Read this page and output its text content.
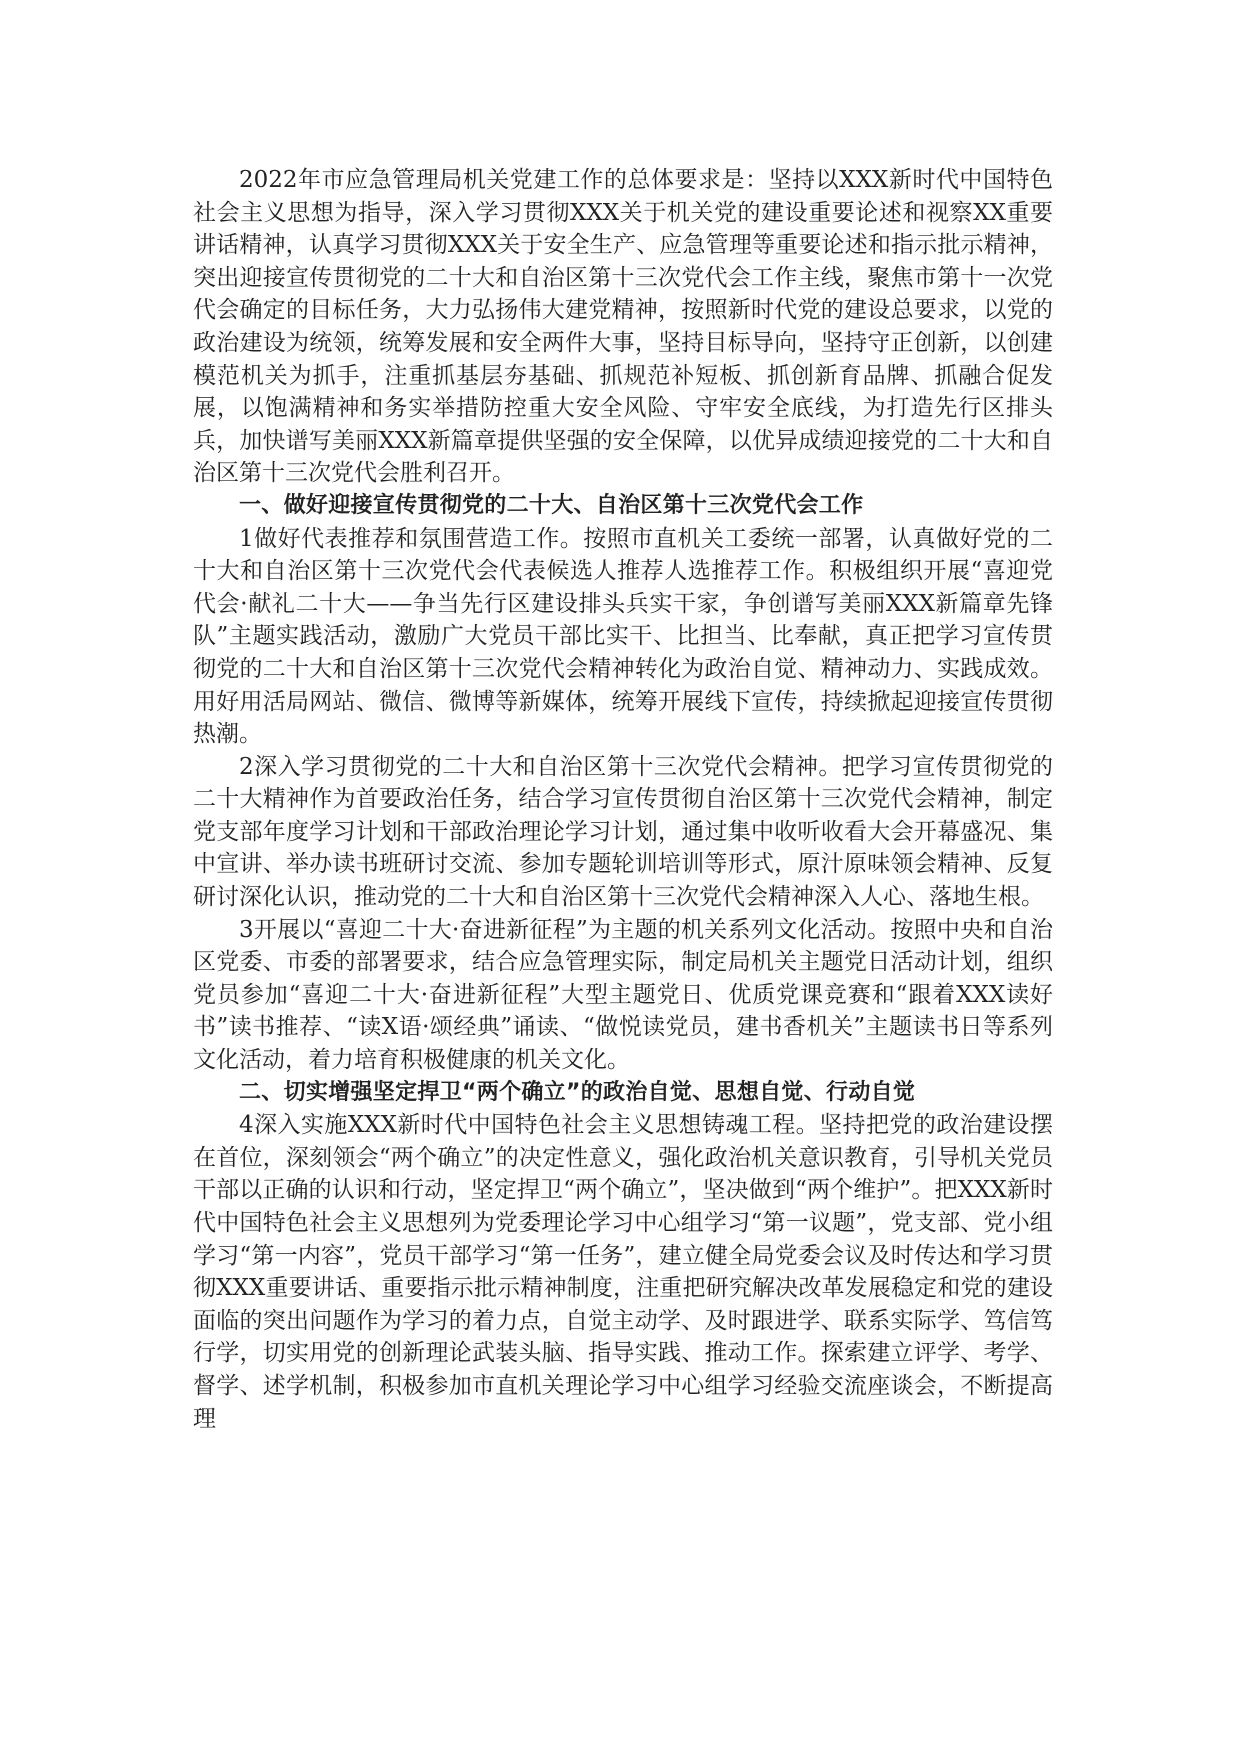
2022年市应急管理局机关党建工作的总体要求是：坚持以XXX新时代中国特色社会主义思想为指导，深入学习贯彻XXX关于机关党的建设重要论述和视察XX重要讲话精神，认真学习贯彻XXX关于安全生产、应急管理等重要论述和指示批示精神，突出迎接宣传贯彻党的二十大和自治区第十三次党代会工作主线，聚焦市第十一次党代会确定的目标任务，大力弘扬伟大建党精神，按照新时代党的建设总要求，以党的政治建设为统领，统筹发展和安全两件大事，坚持目标导向，坚持守正创新，以创建模范机关为抓手，注重抓基层夯基础、抓规范补短板、抓创新育品牌、抓融合促发展，以饱满精神和务实举措防控重大安全风险、守牢安全底线，为打造先行区排头兵，加快谱写美丽XXX新篇章提供坚强的安全保障，以优异成绩迎接党的二十大和自治区第十三次党代会胜利召开。

一、做好迎接宣传贯彻党的二十大、自治区第十三次党代会工作

1做好代表推荐和氛围营造工作。按照市直机关工委统一部署，认真做好党的二十大和自治区第十三次党代会代表候选人推荐人选推荐工作。积极组织开展“喜迎党代会·献礼二十大——争当先行区建设排头兵实干家，争创谱写美丽XXX新篇章先锋队”主题实践活动，激励广大党员干部比实干、比担当、比奉献，真正把学习宣传贯彻党的二十大和自治区第十三次党代会精神转化为政治自觉、精神动力、实践成效。用好用活局网站、微信、微博等新媒体，统筹开展线下宣传，持续掀起迎接宣传贯彻热潮。

2深入学习贯彻党的二十大和自治区第十三次党代会精神。把学习宣传贯彻党的二十大精神作为首要政治任务，结合学习宣传贯彻自治区第十三次党代会精神，制定党支部年度学习计划和干部政治理论学习计划，通过集中收听收看大会开幕盛况、集中宣讲、举办读书班研讨交流、参加专题轮训培训等形式，原汁原味领会精神、反复研讨深化认识，推动党的二十大和自治区第十三次党代会精神深入人心、落地生根。

3开展以“喜迎二十大·奋进新征程”为主题的机关系列文化活动。按照中央和自治区党委、市委的部署要求，结合应急管理实际，制定局机关主题党日活动计划，组织党员参加“喜迎二十大·奋进新征程”大型主题党日、优质党课竞赛和“跟着XXX读好书”读书推荐、“读X语·颂经典”诵读、“做悦读党员，建书香机关”主题读书日等系列文化活动，着力培育积极健康的机关文化。

二、切实增强坚定捍卫“两个确立”的政治自觉、思想自觉、行动自觉

4深入实施XXX新时代中国特色社会主义思想铸魂工程。坚持把党的政治建设摆在首位，深刻领会“两个确立”的决定性意义，强化政治机关意识教育，引导机关党员干部以正确的认识和行动，坚定捍卫“两个确立”，坚决做到“两个维护”。把XXX新时代中国特色社会主义思想列为党委理论学习中心组学习“第一议题”，党支部、党小组学习“第一内容”，党员干部学习“第一任务”，建立健全局党委会议及时传达和学习贯彻XXX重要讲话、重要指示批示精神制度，注重把研究解决改革发展稳定和党的建设面临的突出问题作为学习的着力点，自觉主动学、及时跟进学、联系实际学、笃信笃行学，切实用党的创新理论武装头脑、指导实践、推动工作。探索建立评学、考学、督学、述学机制，积极参加市直机关理论学习中心组学习经验交流座谈会，不断提高理
